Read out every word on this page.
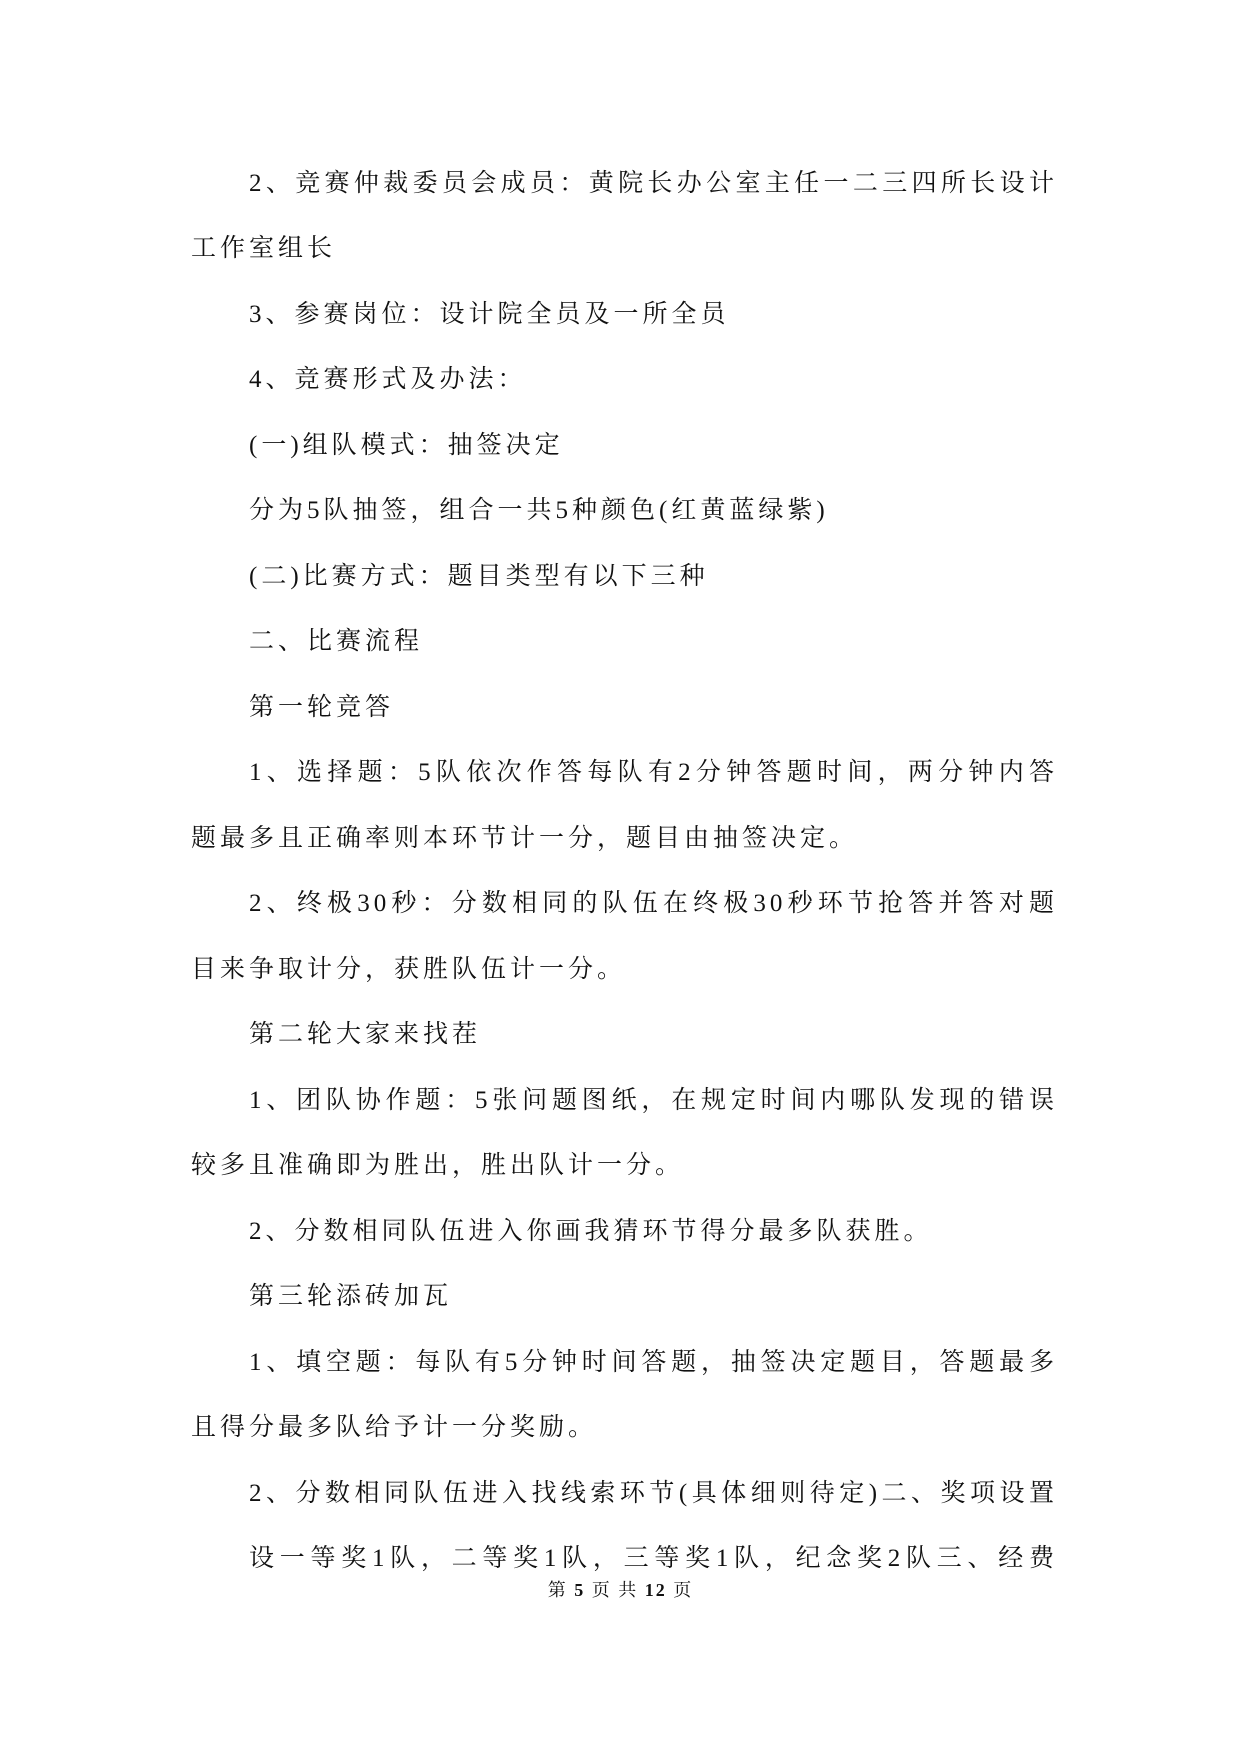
2、竞赛仲裁委员会成员：黄院长办公室主任一二三四所长设计
工作室组长
3、参赛岗位：设计院全员及一所全员
4、竞赛形式及办法：
(一)组队模式：抽签决定
分为5队抽签，组合一共5种颜色(红黄蓝绿紫)
(二)比赛方式：题目类型有以下三种
二、比赛流程
第一轮竞答
1、选择题：5队依次作答每队有2分钟答题时间，两分钟内答
题最多且正确率则本环节计一分，题目由抽签决定。
2、终极30秒：分数相同的队伍在终极30秒环节抢答并答对题
目来争取计分，获胜队伍计一分。
第二轮大家来找茬
1、团队协作题：5张问题图纸，在规定时间内哪队发现的错误
较多且准确即为胜出，胜出队计一分。
2、分数相同队伍进入你画我猜环节得分最多队获胜。
第三轮添砖加瓦
1、填空题：每队有5分钟时间答题，抽签决定题目，答题最多
且得分最多队给予计一分奖励。
2、分数相同队伍进入找线索环节(具体细则待定)二、奖项设置
设一等奖1队，二等奖1队，三等奖1队，纪念奖2队三、经费
第 5 页 共 12 页
